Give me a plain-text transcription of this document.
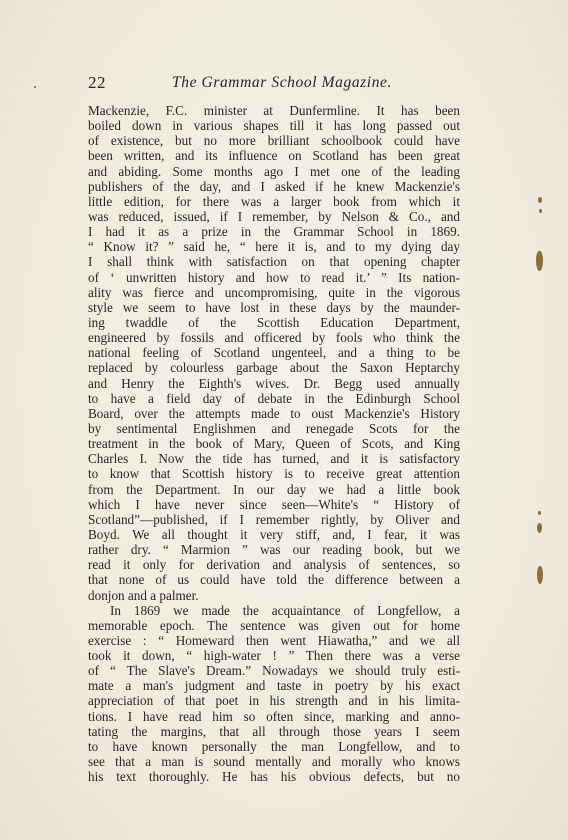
22	The Grammar School Magazine.
Mackenzie, F.C. minister at Dunfermline. It has been
boiled down in various shapes till it has long passed out
of existence, but no more brilliant schoolbook could have
been written, and its influence on Scotland has been great
and abiding. Some months ago I met one of the leading
publishers of the day, and I asked if he knew Mackenzie's
little edition, for there was a larger book from which it
was reduced, issued, if I remember, by Nelson & Co., and
I had it as a prize in the Grammar School in 1869.
“ Know it? ” said he, “ here it is, and to my dying day
I shall think with satisfaction on that opening chapter
of ‘ unwritten history and how to read it.’ ” Its nation-
ality was fierce and uncompromising, quite in the vigorous
style we seem to have lost in these days by the maunder-
ing twaddle of the Scottish Education Department,
engineered by fossils and officered by fools who think the
national feeling of Scotland ungenteel, and a thing to be
replaced by colourless garbage about the Saxon Heptarchy
and Henry the Eighth's wives. Dr. Begg used annually
to have a field day of debate in the Edinburgh School
Board, over the attempts made to oust Mackenzie's History
by sentimental Englishmen and renegade Scots for the
treatment in the book of Mary, Queen of Scots, and King
Charles I. Now the tide has turned, and it is satisfactory
to know that Scottish history is to receive great attention
from the Department. In our day we had a little book
which I have never since seen—White's “ History of
Scotland”—published, if I remember rightly, by Oliver and
Boyd. We all thought it very stiff, and, I fear, it was
rather dry. “ Marmion ” was our reading book, but we
read it only for derivation and analysis of sentences, so
that none of us could have told the difference between a
donjon and a palmer.
In 1869 we made the acquaintance of Longfellow, a
memorable epoch. The sentence was given out for home
exercise : “ Homeward then went Hiawatha,” and we all
took it down, “ high-water ! ” Then there was a verse
of “ The Slave's Dream.” Nowadays we should truly esti-
mate a man's judgment and taste in poetry by his exact
appreciation of that poet in his strength and in his limita-
tions. I have read him so often since, marking and anno-
tating the margins, that all through those years I seem
to have known personally the man Longfellow, and to
see that a man is sound mentally and morally who knows
his text thoroughly. He has his obvious defects, but no
